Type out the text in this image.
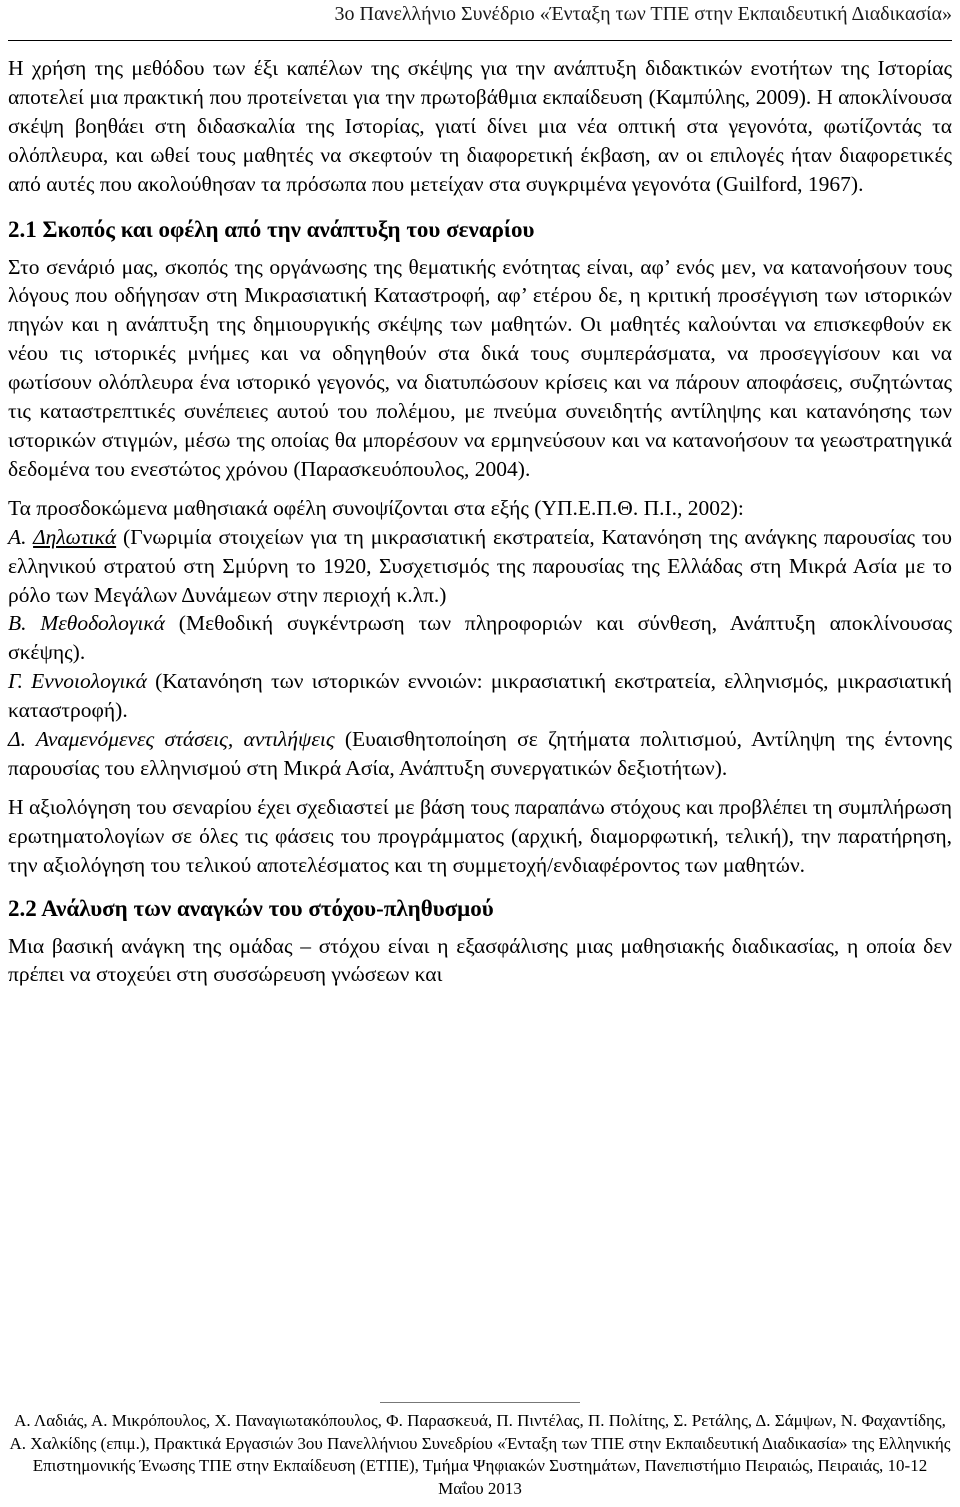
3ο Πανελλήνιο Συνέδριο «Ένταξη των ΤΠΕ στην Εκπαιδευτική Διαδικασία»

Η χρήση της μεθόδου των έξι καπέλων της σκέψης για την ανάπτυξη διδακτικών ενοτήτων της Ιστορίας αποτελεί μια πρακτική που προτείνεται για την πρωτοβάθμια εκπαίδευση (Καμπύλης, 2009). Η αποκλίνουσα σκέψη βοηθάει στη διδασκαλία της Ιστορίας, γιατί δίνει μια νέα οπτική στα γεγονότα, φωτίζοντάς τα ολόπλευρα, και ωθεί τους μαθητές να σκεφτούν τη διαφορετική έκβαση, αν οι επιλογές ήταν διαφορετικές από αυτές που ακολούθησαν τα πρόσωπα που μετείχαν στα συγκριμένα γεγονότα (Guilford, 1967).

2.1 Σκοπός και οφέλη από την ανάπτυξη του σεναρίου

Στο σενάριό μας, σκοπός της οργάνωσης της θεματικής ενότητας είναι, αφ’ ενός μεν, να κατανοήσουν τους λόγους που οδήγησαν στη Μικρασιατική Καταστροφή, αφ’ ετέρου δε, η κριτική προσέγγιση των ιστορικών πηγών και η ανάπτυξη της δημιουργικής σκέψης των μαθητών. Οι μαθητές καλούνται να επισκεφθούν εκ νέου τις ιστορικές μνήμες και να οδηγηθούν στα δικά τους συμπεράσματα, να προσεγγίσουν και να φωτίσουν ολόπλευρα ένα ιστορικό γεγονός, να διατυπώσουν κρίσεις και να πάρουν αποφάσεις, συζητώντας τις καταστρεπτικές συνέπειες αυτού του πολέμου, με πνεύμα συνειδητής αντίληψης και κατανόησης των ιστορικών στιγμών, μέσω της οποίας θα μπορέσουν να ερμηνεύσουν και να κατανοήσουν τα γεωστρατηγικά δεδομένα του ενεστώτος χρόνου (Παρασκευόπουλος, 2004).

Τα προσδοκώμενα μαθησιακά οφέλη συνοψίζονται στα εξής (ΥΠ.Ε.Π.Θ. Π.Ι., 2002):

Α. Δηλωτικά (Γνωριμία στοιχείων για τη μικρασιατική εκστρατεία, Κατανόηση της ανάγκης παρουσίας του ελληνικού στρατού στη Σμύρνη το 1920, Συσχετισμός της παρουσίας της Ελλάδας στη Μικρά Ασία με το ρόλο των Μεγάλων Δυνάμεων στην περιοχή κ.λπ.)

Β. Μεθοδολογικά (Μεθοδική συγκέντρωση των πληροφοριών και σύνθεση, Ανάπτυξη αποκλίνουσας σκέψης).

Γ. Εννοιολογικά (Κατανόηση των ιστορικών εννοιών: μικρασιατική εκστρατεία, ελληνισμός, μικρασιατική καταστροφή).

Δ. Αναμενόμενες στάσεις, αντιλήψεις (Ευαισθητοποίηση σε ζητήματα πολιτισμού, Αντίληψη της έντονης παρουσίας του ελληνισμού στη Μικρά Ασία, Ανάπτυξη συνεργατικών δεξιοτήτων).

Η αξιολόγηση του σεναρίου έχει σχεδιαστεί με βάση τους παραπάνω στόχους και προβλέπει τη συμπλήρωση ερωτηματολογίων σε όλες τις φάσεις του προγράμματος (αρχική, διαμορφωτική, τελική), την παρατήρηση, την αξιολόγηση του τελικού αποτελέσματος και τη συμμετοχή/ενδιαφέροντος των μαθητών.

2.2 Ανάλυση των αναγκών του στόχου-πληθυσμού

Μια βασική ανάγκη της ομάδας – στόχου είναι η εξασφάλισης μιας μαθησιακής διαδικασίας, η οποία δεν πρέπει να στοχεύει στη συσσώρευση γνώσεων και

Α. Λαδιάς, Α. Μικρόπουλος, Χ. Παναγιωτακόπουλος, Φ. Παρασκευά, Π. Πιντέλας, Π. Πολίτης, Σ. Ρετάλης, Δ. Σάμψων, Ν. Φαχαντίδης, Α. Χαλκίδης (επιμ.), Πρακτικά Εργασιών 3ου Πανελλήνιου Συνεδρίου «Ένταξη των ΤΠΕ στην Εκπαιδευτική Διαδικασία» της Ελληνικής Επιστημονικής Ένωσης ΤΠΕ στην Εκπαίδευση (ΕΤΠΕ), Τμήμα Ψηφιακών Συστημάτων, Πανεπιστήμιο Πειραιώς, Πειραιάς, 10-12 Μαΐου 2013
